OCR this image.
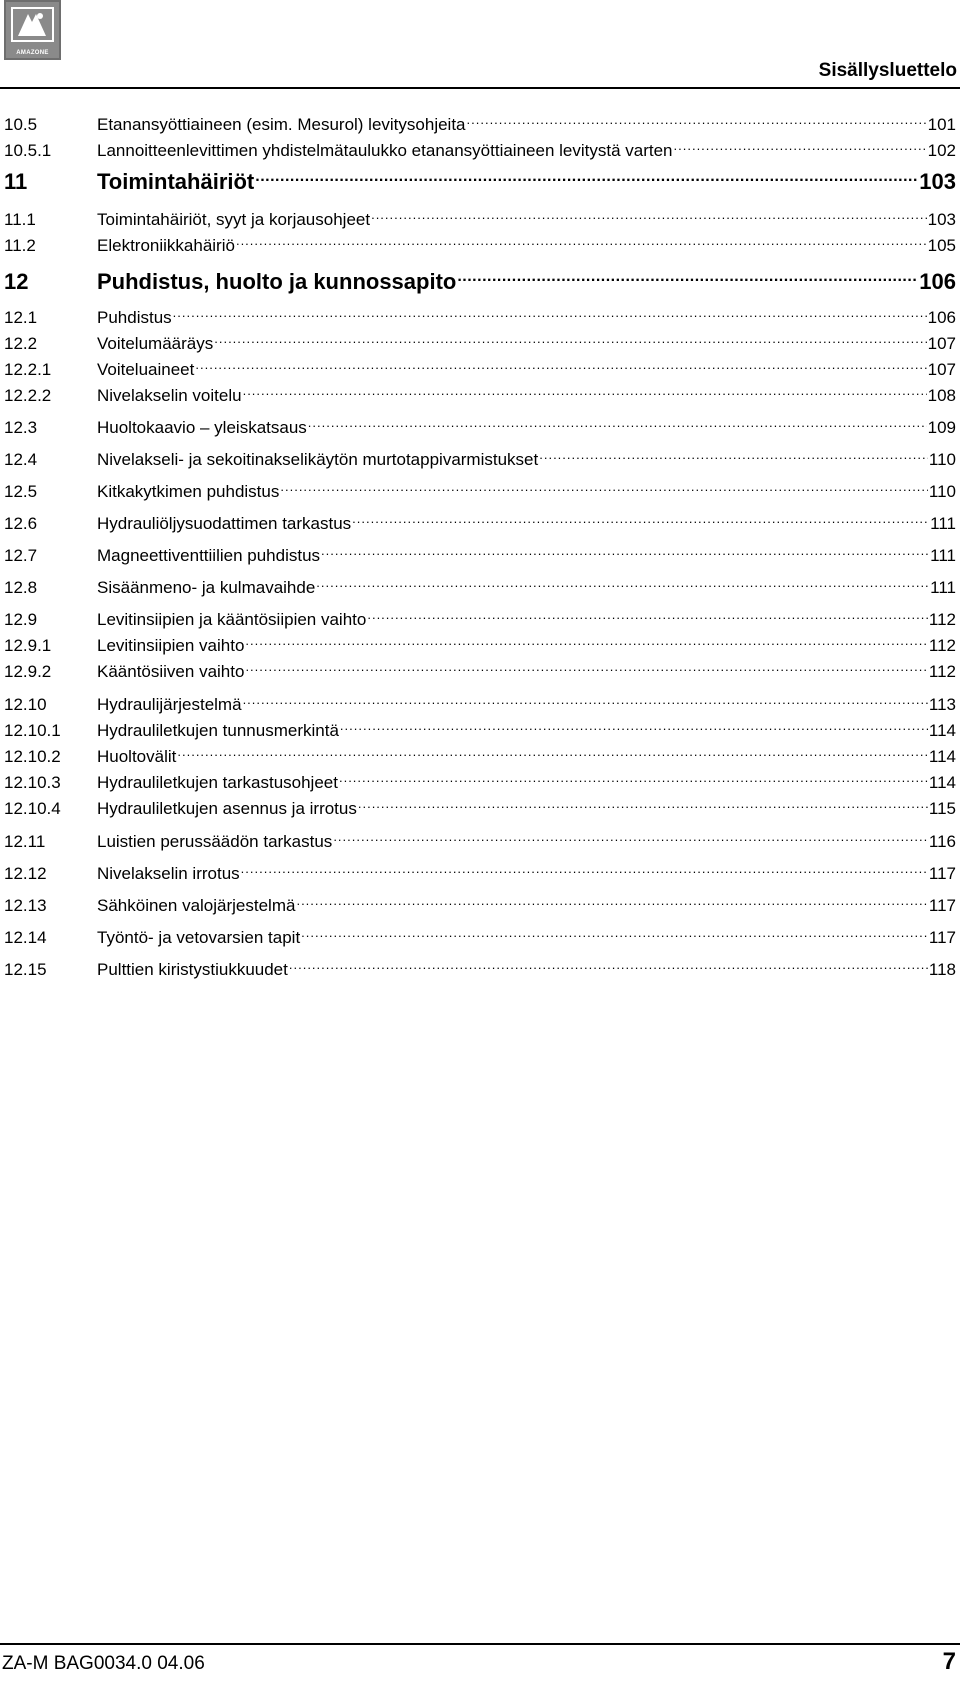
AMAZONE
Sisällysluettelo
10.5	Etanansyöttiaineen (esim. Mesurol) levitysohjeita .....	101
10.5.1	Lannoitteenlevittimen yhdistelmätaulukko etanansyöttiaineen levitystä varten .....	102
11	Toimintahäiriöt .....	103
11.1	Toimintahäiriöt, syyt ja korjausohjeet .....	103
11.2	Elektroniikkahäiriö .....	105
12	Puhdistus, huolto ja kunnossapito .....	106
12.1	Puhdistus .....	106
12.2	Voitelumääräys .....	107
12.2.1	Voiteluaineet .....	107
12.2.2	Nivelakselin voitelu .....	108
12.3	Huoltokaavio – yleiskatsaus .....	109
12.4	Nivelakseli- ja sekoitinakselikäytön murtotappivarmistukset .....	110
12.5	Kitkakytkimen puhdistus .....	110
12.6	Hydrauliöljysuodattimen tarkastus .....	111
12.7	Magneettiventtiilien puhdistus .....	111
12.8	Sisäänmeno- ja kulmavaihde .....	111
12.9	Levitinsiipien ja kääntösiipien vaihto .....	112
12.9.1	Levitinsiipien vaihto .....	112
12.9.2	Kääntösiiven vaihto .....	112
12.10	Hydraulijärjestelmä .....	113
12.10.1	Hydrauliletkujen tunnusmerkintä .....	114
12.10.2	Huoltovälit .....	114
12.10.3	Hydrauliletkujen tarkastusohjeet .....	114
12.10.4	Hydrauliletkujen asennus ja irrotus .....	115
12.11	Luistien perussäädön tarkastus .....	116
12.12	Nivelakselin irrotus .....	117
12.13	Sähköinen valojärjestelmä .....	117
12.14	Työntö- ja vetovarsien tapit .....	117
12.15	Pulttien kiristystiukkuudet .....	118
ZA-M BAG0034.0 04.06	7
